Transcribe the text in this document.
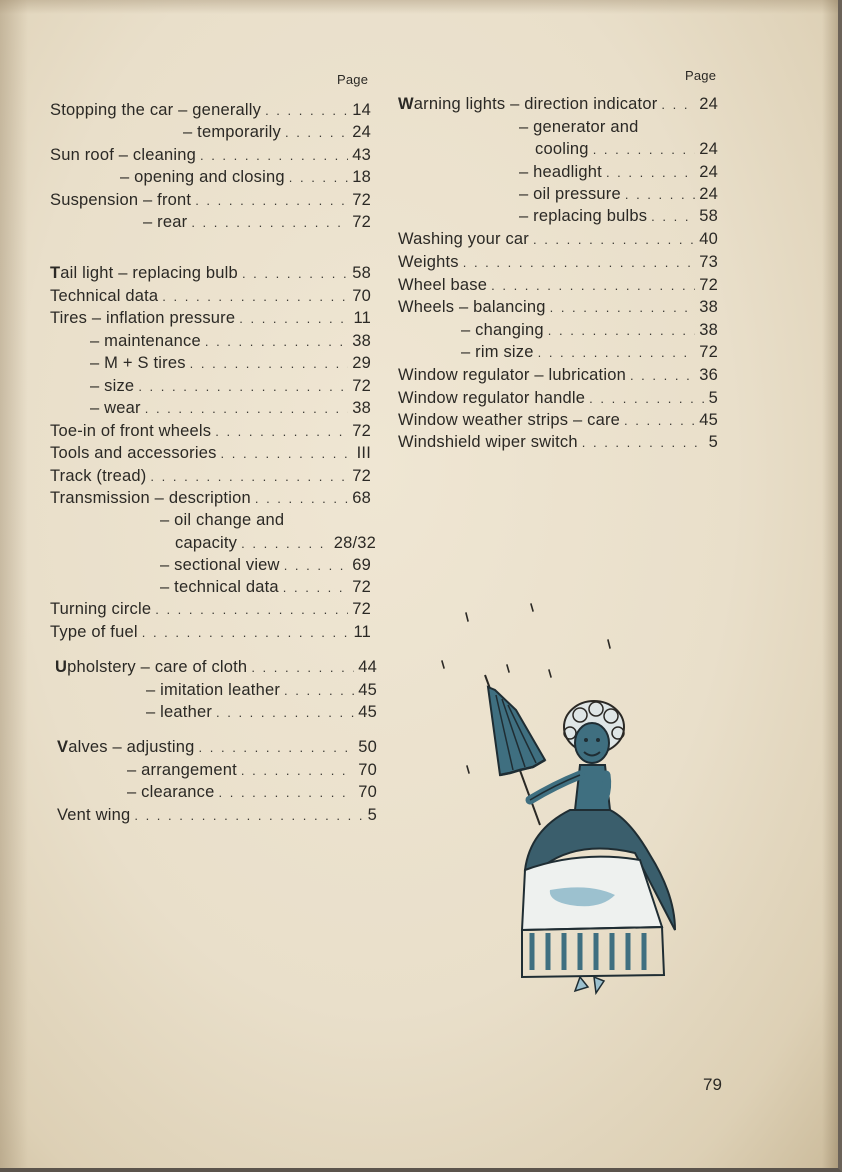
Page
Stopping the car – generally . . .	14
– temporarily . . .	24
Sun roof – cleaning . . .	43
– opening and closing . . .	18
Suspension – front . . .	72
– rear . . .	72
Tail light – replacing bulb . . .	58
Technical data . . .	70
Tires – inflation pressure . . .	11
– maintenance . . .	38
– M + S tires . . .	29
– size . . .	72
– wear . . .	38
Toe-in of front wheels . . .	72
Tools and accessories . . .	III
Track (tread) . . .	72
Transmission – description . . .	68
– oil change and
capacity . . .	28/32
– sectional view . . .	69
– technical data . . .	72
Turning circle . . .	72
Type of fuel . . .	11
Upholstery – care of cloth . . .	44
– imitation leather . . .	45
– leather . . .	45
Valves – adjusting . . .	50
– arrangement . . .	70
– clearance . . .	70
Vent wing . . .	5
Page
Warning lights – direction indicator . . .	24
– generator and
cooling . . .	24
– headlight . . .	24
– oil pressure . . .	24
– replacing bulbs . . .	58
Washing your car . . .	40
Weights . . .	73
Wheel base . . .	72
Wheels – balancing . . .	38
– changing . . .	38
– rim size . . .	72
Window regulator – lubrication . . .	36
Window regulator handle . . .	5
Window weather strips – care . . .	45
Windshield wiper switch . . .	5
79
